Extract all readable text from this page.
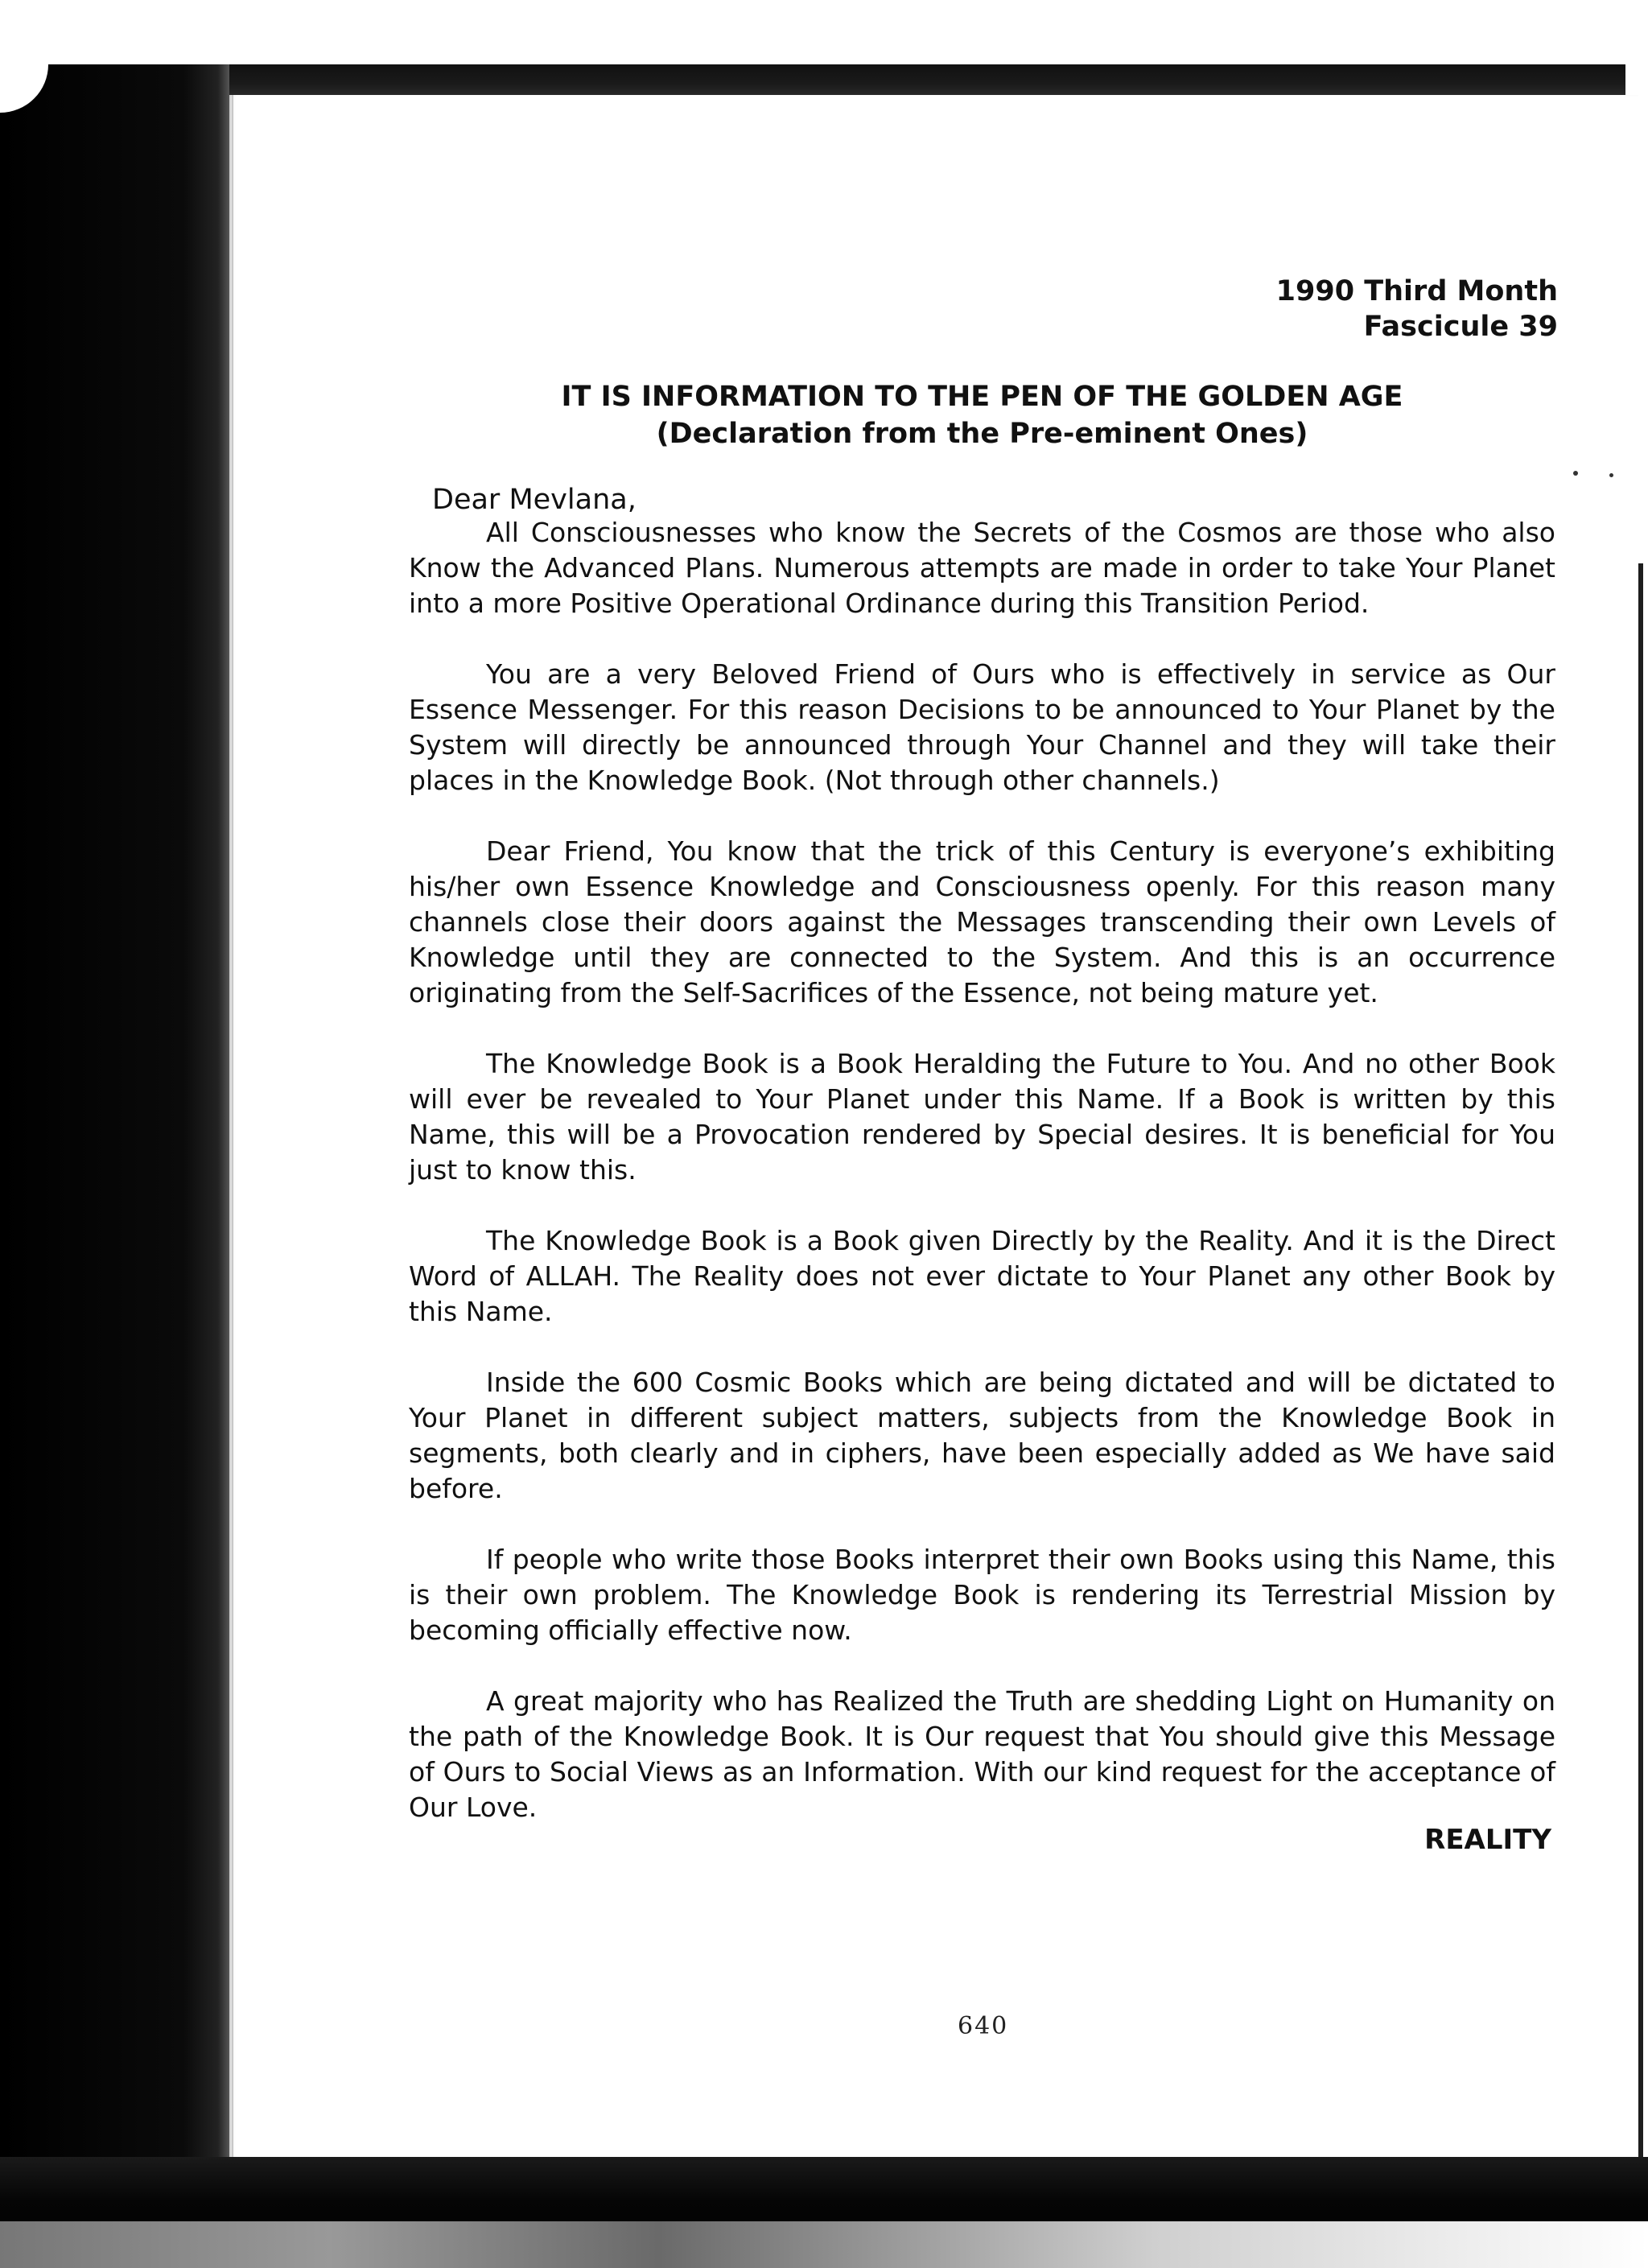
1990 Third Month
Fascicule 39
IT IS INFORMATION TO THE PEN OF THE GOLDEN AGE
(Declaration from the Pre-eminent Ones)
Dear Mevlana,

All Consciousnesses who know the Secrets of the Cosmos are those who also Know the Advanced Plans. Numerous attempts are made in order to take Your Planet into a more Positive Operational Ordinance during this Transition Period.

You are a very Beloved Friend of Ours who is effectively in service as Our Essence Messenger. For this reason Decisions to be announced to Your Planet by the System will directly be announced through Your Channel and they will take their places in the Knowledge Book. (Not through other channels.)

Dear Friend, You know that the trick of this Century is everyone’s exhibiting his/her own Essence Knowledge and Consciousness openly. For this reason many channels close their doors against the Messages transcending their own Levels of Knowledge until they are connected to the System. And this is an occurrence originating from the Self-Sacrifices of the Essence, not being mature yet.

The Knowledge Book is a Book Heralding the Future to You. And no other Book will ever be revealed to Your Planet under this Name. If a Book is written by this Name, this will be a Provocation rendered by Special desires. It is beneficial for You just to know this.

The Knowledge Book is a Book given Directly by the Reality. And it is the Direct Word of ALLAH. The Reality does not ever dictate to Your Planet any other Book by this Name.

Inside the 600 Cosmic Books which are being dictated and will be dictated to Your Planet in different subject matters, subjects from the Knowledge Book in segments, both clearly and in ciphers, have been especially added as We have said before.

If people who write those Books interpret their own Books using this Name, this is their own problem. The Knowledge Book is rendering its Terrestrial Mission by becoming officially effective now.

A great majority who has Realized the Truth are shedding Light on Humanity on the path of the Knowledge Book. It is Our request that You should give this Message of Ours to Social Views as an Information. With our kind request for the acceptance of Our Love.

REALITY
640
